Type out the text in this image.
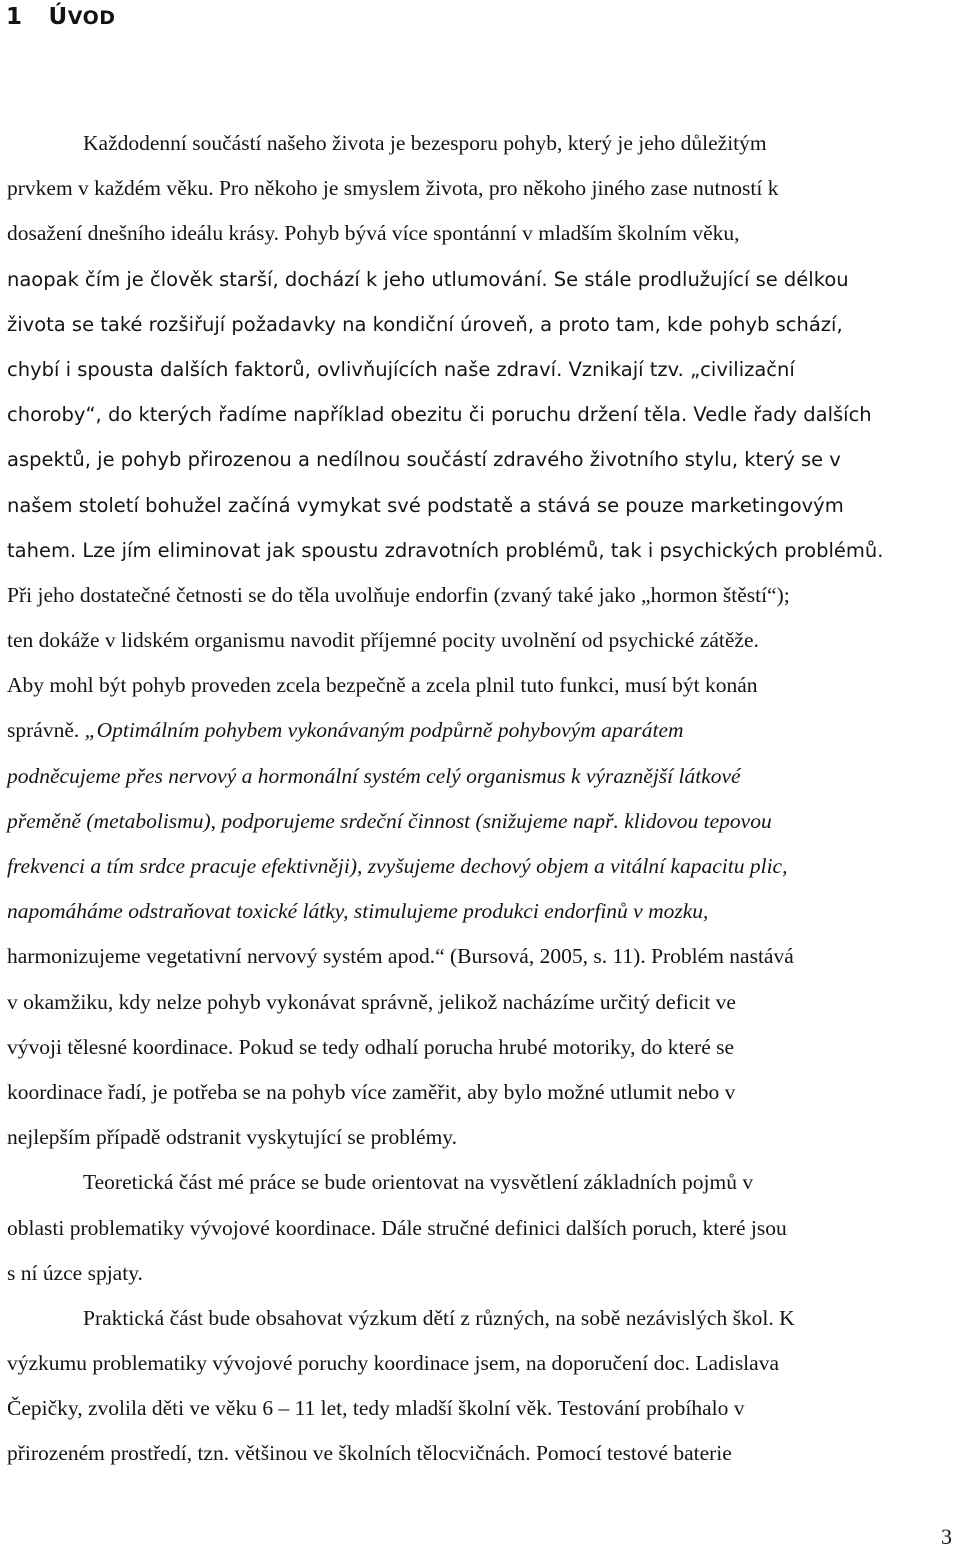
1 ÚVOD
Každodenní součástí našeho života je bezesporu pohyb, který je jeho důležitým
prvkem v každém věku. Pro někoho je smyslem života, pro někoho jiného zase nutností k
dosažení dnešního ideálu krásy. Pohyb bývá více spontánní v mladším školním věku,
naopak čím je člověk starší, dochází k jeho utlumování. Se stále prodlužující se délkou
života se také rozšiřují požadavky na kondiční úroveň, a proto tam, kde pohyb schází,
chybí i spousta dalších faktorů, ovlivňujících naše zdraví. Vznikají tzv. „civilizační
choroby“, do kterých řadíme například obezitu či poruchu držení těla. Vedle řady dalších
aspektů, je pohyb přirozenou a nedílnou součástí zdravého životního stylu, který se v
našem století bohužel začíná vymykat své podstatě a stává se pouze marketingovým
tahem. Lze jím eliminovat jak spoustu zdravotních problémů, tak i psychických problémů.
Při jeho dostatečné četnosti se do těla uvolňuje endorfin (zvaný také jako „hormon štěstí“);
ten dokáže v lidském organismu navodit příjemné pocity uvolnění od psychické zátěže.
Aby mohl být pohyb proveden zcela bezpečně a zcela plnil tuto funkci, musí být konán
správně. „Optimálním pohybem vykonávaným podpůrně pohybovým aparátem
podněcujeme přes nervový a hormonální systém celý organismus k výraznější látkové
přeměně (metabolismu), podporujeme srdeční činnost (snižujeme např. klidovou tepovou
frekvenci a tím srdce pracuje efektivněji), zvyšujeme dechový objem a vitální kapacitu plic,
napomáháme odstraňovat toxické látky, stimulujeme produkci endorfinů v mozku,
harmonizujeme vegetativní nervový systém apod.“ (Bursová, 2005, s. 11). Problém nastává
v okamžiku, kdy nelze pohyb vykonávat správně, jelikož nacházíme určitý deficit ve
vývoji tělesné koordinace. Pokud se tedy odhalí porucha hrubé motoriky, do které se
koordinace řadí, je potřeba se na pohyb více zaměřit, aby bylo možné utlumit nebo v
nejlepším případě odstranit vyskytující se problémy.
Teoretická část mé práce se bude orientovat na vysvětlení základních pojmů v
oblasti problematiky vývojové koordinace. Dále stručné definici dalších poruch, které jsou
s ní úzce spjaty.
Praktická část bude obsahovat výzkum dětí z různých, na sobě nezávislých škol. K
výzkumu problematiky vývojové poruchy koordinace jsem, na doporučení doc. Ladislava
Čepičky, zvolila děti ve věku 6 – 11 let, tedy mladší školní věk. Testování probíhalo v
přirozeném prostředí, tzn. většinou ve školních tělocvičnách. Pomocí testové baterie
3
